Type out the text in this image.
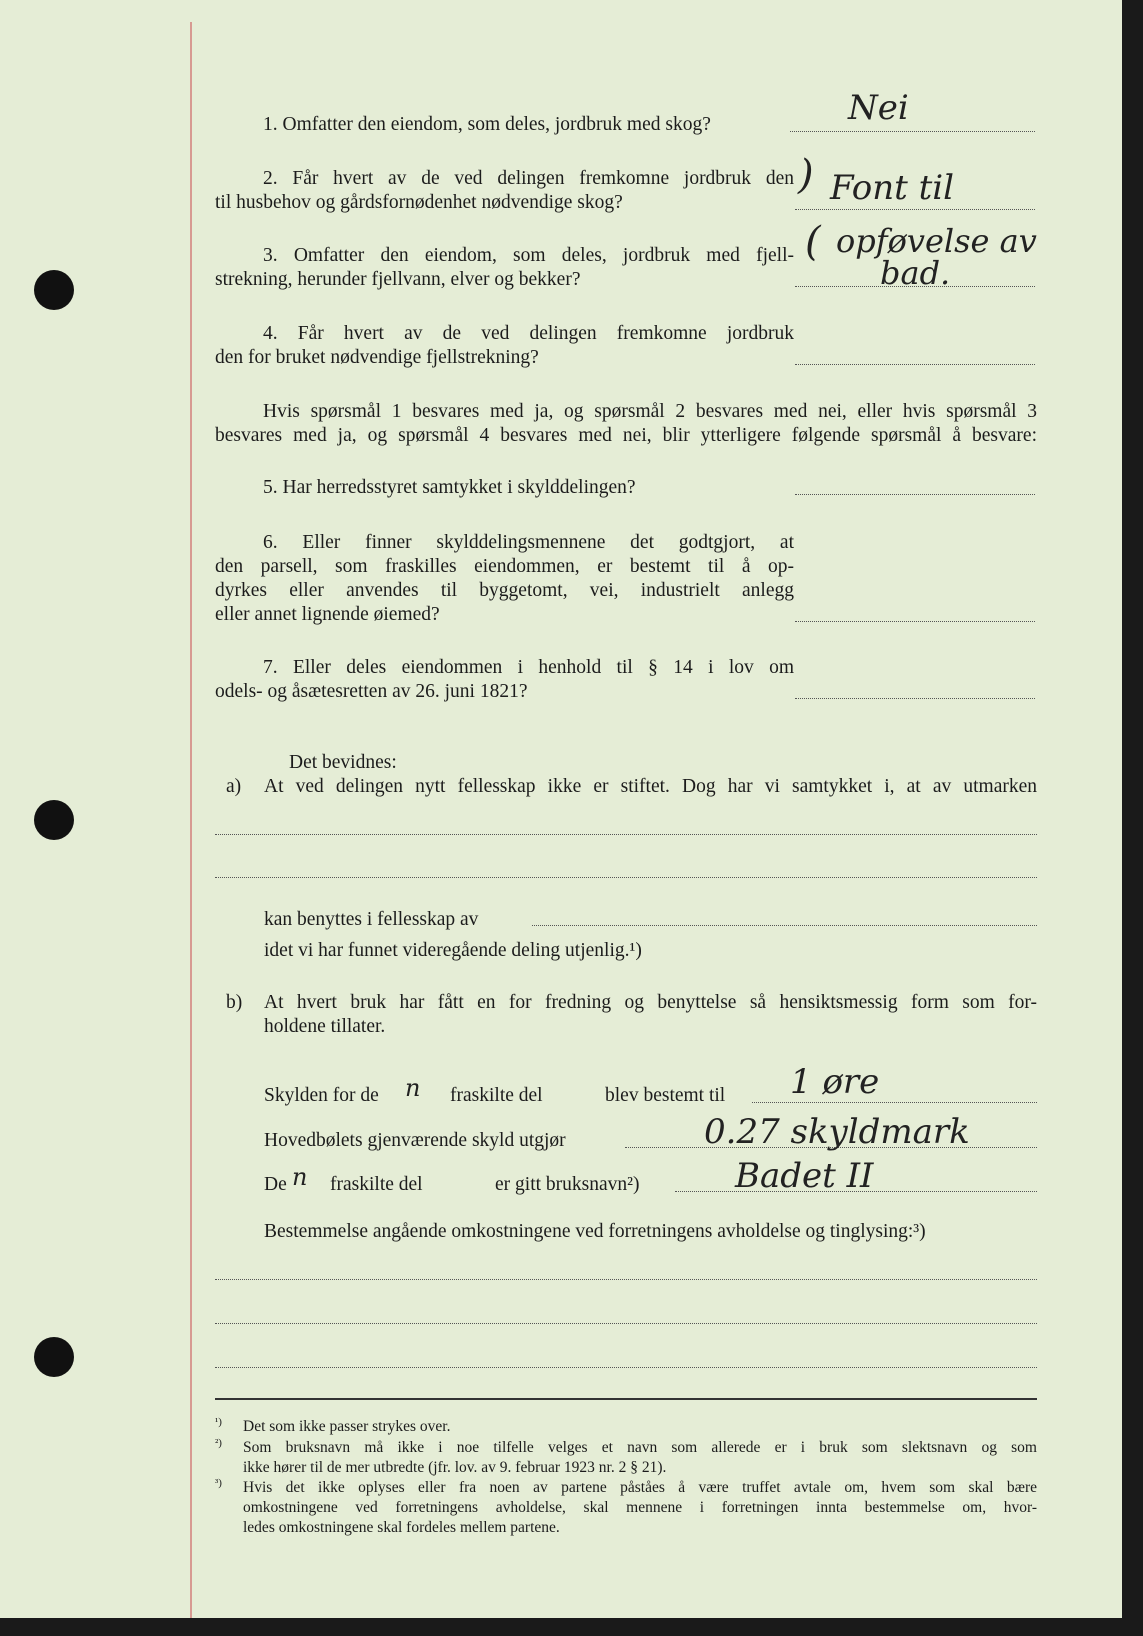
1. Omfatter den eiendom, som deles, jordbruk med skog?	Nei
2. Får hvert av de ved delingen fremkomne jordbruk den
til husbehov og gårdsfornødenhet nødvendige skog?
) Font til
3. Omfatter den eiendom, som deles, jordbruk med fjell-
strekning, herunder fjellvann, elver og bekker?
( opføvelse av
bad.
4. Får hvert av de ved delingen fremkomne jordbruk
den for bruket nødvendige fjellstrekning?
Hvis spørsmål 1 besvares med ja, og spørsmål 2 besvares med nei, eller hvis spørsmål 3
besvares med ja, og spørsmål 4 besvares med nei, blir ytterligere følgende spørsmål å besvare:
5. Har herredsstyret samtykket i skylddelingen?
6. Eller finner skylddelingsmennene det godtgjort, at
den parsell, som fraskilles eiendommen, er bestemt til å op-
dyrkes eller anvendes til byggetomt, vei, industrielt anlegg
eller annet lignende øiemed?
7. Eller deles eiendommen i henhold til § 14 i lov om
odels- og åsætesretten av 26. juni 1821?
Det bevidnes:
a) At ved delingen nytt fellesskap ikke er stiftet. Dog har vi samtykket i, at av utmarken
kan benyttes i fellesskap av
idet vi har funnet videregående deling utjenlig.¹)
b) At hvert bruk har fått en for fredning og benyttelse så hensiktsmessig form som for-
holdene tillater.
Skylden for de n fraskilte del	blev bestemt til 1 øre
Hovedbølets gjenværende skyld utgjør	0.27 skyldmark
De n fraskilte del	er gitt bruksnavn²)	Badet II
Bestemmelse angående omkostningene ved forretningens avholdelse og tinglysing:³)
¹) Det som ikke passer strykes over.
²) Som bruksnavn må ikke i noe tilfelle velges et navn som allerede er i bruk som slektsnavn og som
ikke hører til de mer utbredte (jfr. lov. av 9. februar 1923 nr. 2 § 21).
³) Hvis det ikke oplyses eller fra noen av partene påståes å være truffet avtale om, hvem som skal bære
omkostningene ved forretningens avholdelse, skal mennene i forretningen innta bestemmelse om, hvor-
ledes omkostningene skal fordeles mellem partene.
